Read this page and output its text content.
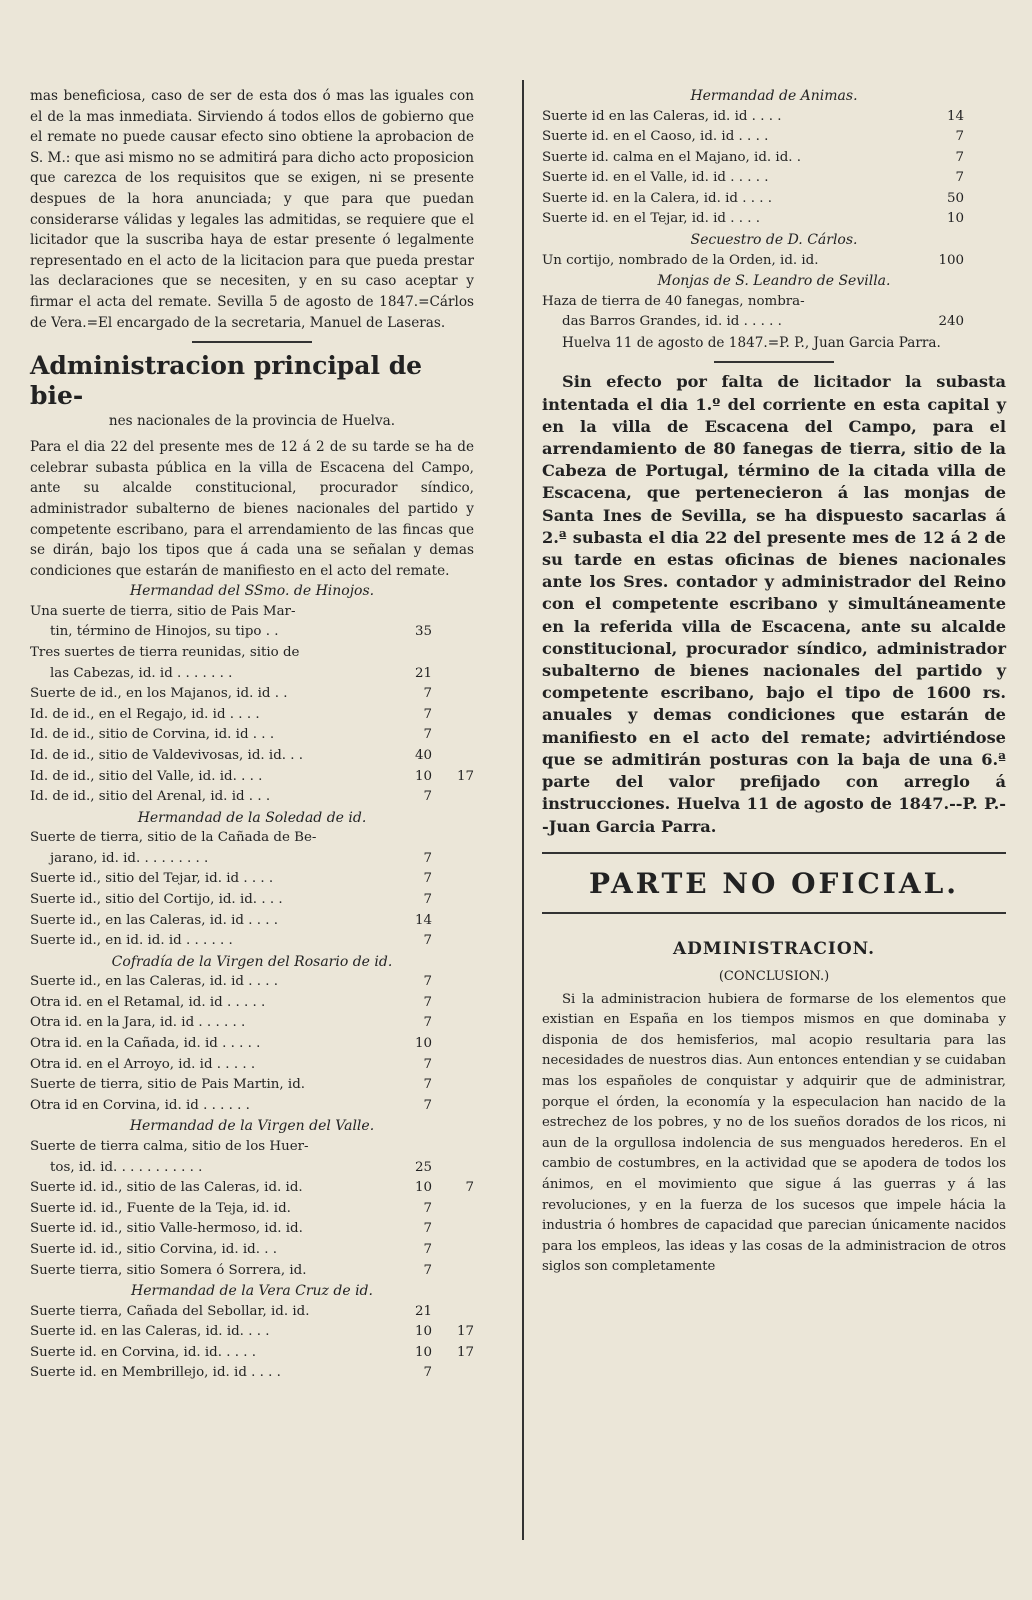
mas beneficiosa, caso de ser de esta dos ó mas las iguales con el de la mas inmediata. Sirviendo á todos ellos de gobierno que el remate no puede causar efecto sino obtiene la aprobacion de S. M.: que asi mismo no se admitirá para dicho acto proposicion que carezca de los requisitos que se exigen, ni se presente despues de la hora anunciada; y que para que puedan considerarse válidas y legales las admitidas, se requiere que el licitador que la suscriba haya de estar presente ó legalmente representado en el acto de la licitacion para que pueda prestar las declaraciones que se necesiten, y en su caso aceptar y firmar el acta del remate. Sevilla 5 de agosto de 1847.=Cárlos de Vera.=El encargado de la secretaria, Manuel de Laseras.

Administracion principal de bie-

nes nacionales de la provincia de Huelva.

Para el dia 22 del presente mes de 12 á 2 de su tarde se ha de celebrar subasta pública en la villa de Escacena del Campo, ante su alcalde constitucional, procurador síndico, administrador subalterno de bienes nacionales del partido y competente escribano, para el arrendamiento de las fincas que se dirán, bajo los tipos que á cada una se señalan y demas condiciones que estarán de manifiesto en el acto del remate.

Hermandad del SSmo. de Hinojos.

Una suerte de tierra, sitio de Pais Mar-		
tin, término de Hinojos, su tipo . .	35	
Tres suertes de tierra reunidas, sitio de		
las Cabezas, id. id . . . . . . .	21	
Suerte de id., en los Majanos, id. id . .	7	
Id. de id., en el Regajo, id. id . . . .	7	
Id. de id., sitio de Corvina, id. id . . .	7	
Id. de id., sitio de Valdevivosas, id. id. . .	40	
Id. de id., sitio del Valle, id. id. . . .	10	17
Id. de id., sitio del Arenal, id. id . . .	7	

Hermandad de la Soledad de id.

Suerte de tierra, sitio de la Cañada de Be-		
jarano, id. id. . . . . . . . .	7	
Suerte id., sitio del Tejar, id. id . . . .	7	
Suerte id., sitio del Cortijo, id. id. . . .	7	
Suerte id., en las Caleras, id. id . . . .	14	
Suerte id., en id. id. id . . . . . .	7	

Cofradía de la Virgen del Rosario de id.

Suerte id., en las Caleras, id. id . . . .	7	
Otra id. en el Retamal, id. id . . . . .	7	
Otra id. en la Jara, id. id . . . . . .	7	
Otra id. en la Cañada, id. id . . . . .	10	
Otra id. en el Arroyo, id. id . . . . .	7	
Suerte de tierra, sitio de Pais Martin, id.	7	
Otra id en Corvina, id. id . . . . . .	7	

Hermandad de la Virgen del Valle.

Suerte de tierra calma, sitio de los Huer-		
tos, id. id. . . . . . . . . . .	25	
Suerte id. id., sitio de las Caleras, id. id.	10	7
Suerte id. id., Fuente de la Teja, id. id.	7	
Suerte id. id., sitio Valle-hermoso, id. id.	7	
Suerte id. id., sitio Corvina, id. id. . .	7	
Suerte tierra, sitio Somera ó Sorrera, id.	7	

Hermandad de la Vera Cruz de id.

Suerte tierra, Cañada del Sebollar, id. id.	21	
Suerte id. en las Caleras, id. id. . . .	10	17
Suerte id. en Corvina, id. id. . . . .	10	17
Suerte id. en Membrillejo, id. id . . . .	7	

Hermandad de Animas.

Suerte id en las Caleras, id. id . . . .	14	
Suerte id. en el Caoso, id. id . . . .	7	
Suerte id. calma en el Majano, id. id. .	7	
Suerte id. en el Valle, id. id . . . . .	7	
Suerte id. en la Calera, id. id . . . .	50	
Suerte id. en el Tejar, id. id . . . .	10	

Secuestro de D. Cárlos.

Un cortijo, nombrado de la Orden, id. id.	100	

Monjas de S. Leandro de Sevilla.

Haza de tierra de 40 fanegas, nombra-		
das Barros Grandes, id. id . . . . .	240	

Huelva 11 de agosto de 1847.=P. P., Juan Garcia Parra.

Sin efecto por falta de licitador la subasta intentada el dia 1.º del corriente en esta capital y en la villa de Escacena del Campo, para el arrendamiento de 80 fanegas de tierra, sitio de la Cabeza de Portugal, término de la citada villa de Escacena, que pertenecieron á las monjas de Santa Ines de Sevilla, se ha dispuesto sacarlas á 2.ª subasta el dia 22 del presente mes de 12 á 2 de su tarde en estas oficinas de bienes nacionales ante los Sres. contador y administrador del Reino con el competente escribano y simultáneamente en la referida villa de Escacena, ante su alcalde constitucional, procurador síndico, administrador subalterno de bienes nacionales del partido y competente escribano, bajo el tipo de 1600 rs. anuales y demas condiciones que estarán de manifiesto en el acto del remate; advirtiéndose que se admitirán posturas con la baja de una 6.ª parte del valor prefijado con arreglo á instrucciones. Huelva 11 de agosto de 1847.--P. P.--Juan Garcia Parra.

PARTE NO OFICIAL.

ADMINISTRACION.

(CONCLUSION.)

Si la administracion hubiera de formarse de los elementos que existian en España en los tiempos mismos en que dominaba y disponia de dos hemisferios, mal acopio resultaria para las necesidades de nuestros dias. Aun entonces entendian y se cuidaban mas los españoles de conquistar y adquirir que de administrar, porque el órden, la economía y la especulacion han nacido de la estrechez de los pobres, y no de los sueños dorados de los ricos, ni aun de la orgullosa indolencia de sus menguados herederos. En el cambio de costumbres, en la actividad que se apodera de todos los ánimos, en el movimiento que sigue á las guerras y á las revoluciones, y en la fuerza de los sucesos que impele hácia la industria ó hombres de capacidad que parecian únicamente nacidos para los empleos, las ideas y las cosas de la administracion de otros siglos son completamente
